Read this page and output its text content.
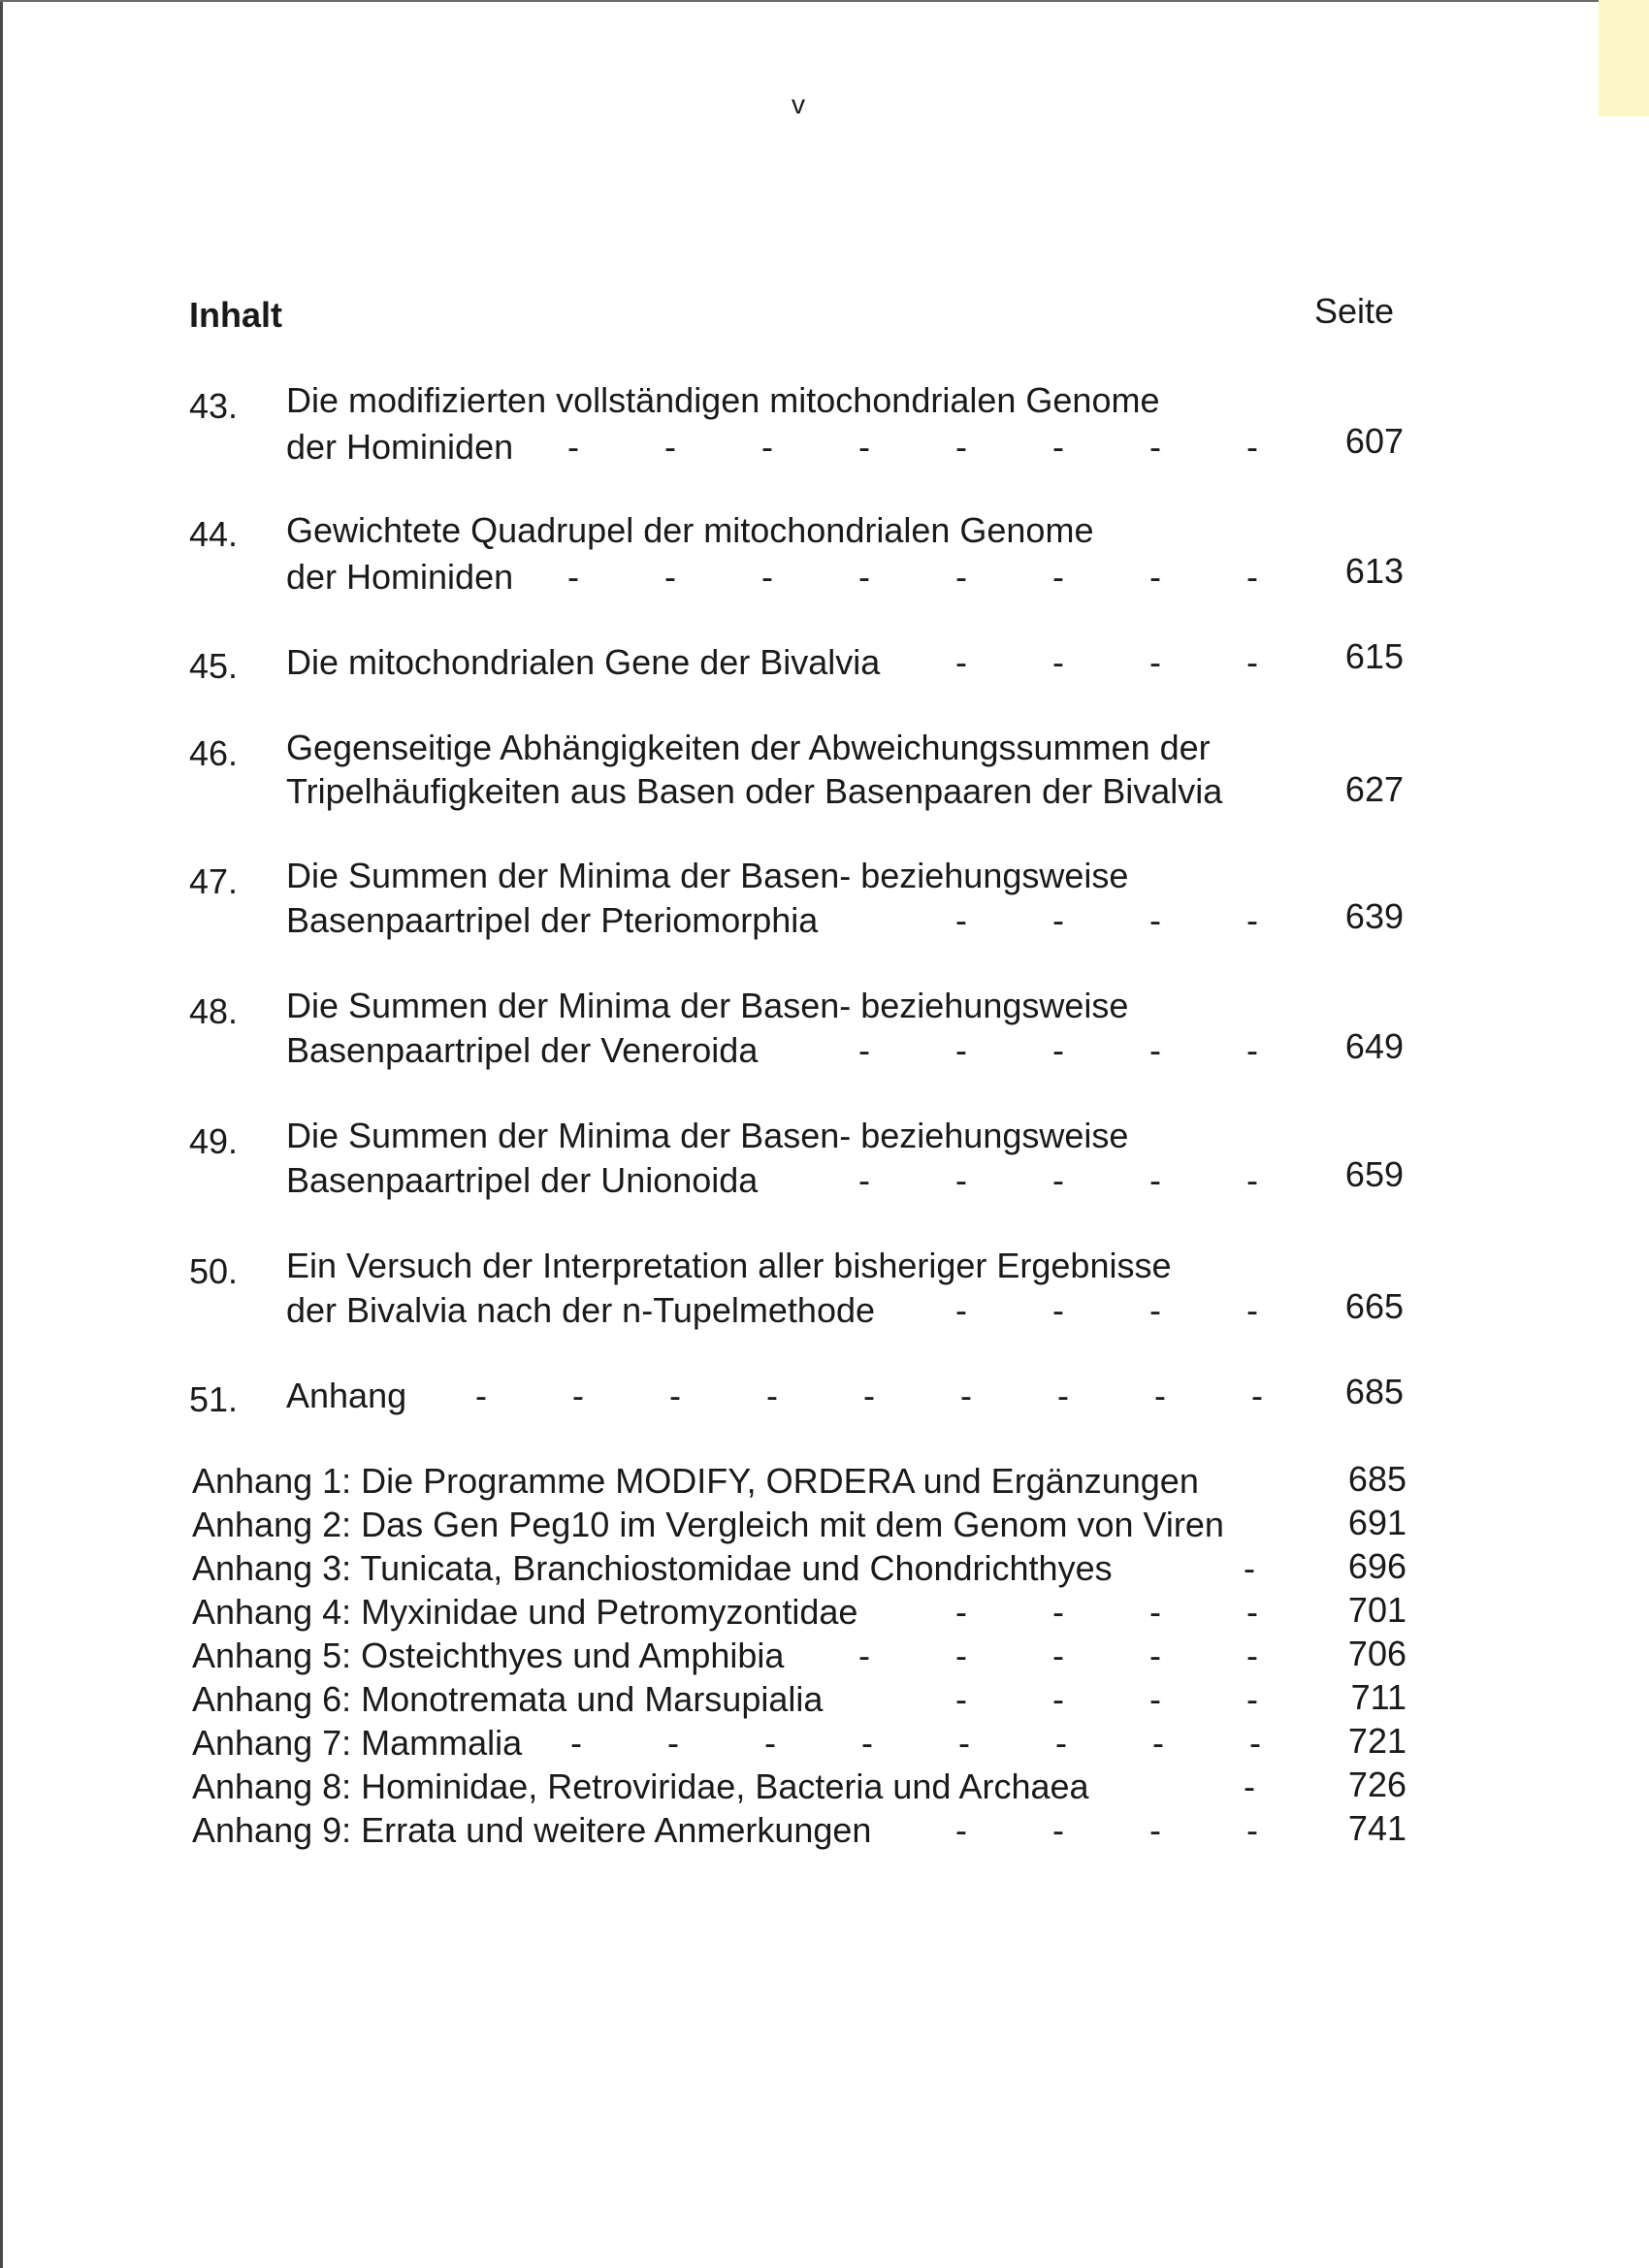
v
Inhalt	Seite
43. Die modifizierten vollständigen mitochondrialen Genome
der Hominiden - - - - - - - -	607
44. Gewichtete Quadrupel der mitochondrialen Genome
der Hominiden - - - - - - - -	613
45. Die mitochondrialen Gene der Bivalvia - - - -	615
46. Gegenseitige Abhängigkeiten der Abweichungssummen der
Tripelhäufigkeiten aus Basen oder Basenpaaren der Bivalvia	627
47. Die Summen der Minima der Basen- beziehungsweise
Basenpaartripel der Pteriomorphia	- - - -	639
48. Die Summen der Minima der Basen- beziehungsweise
Basenpaartripel der Veneroida	- - - - -	649
49. Die Summen der Minima der Basen- beziehungsweise
Basenpaartripel der Unionoida	- - - - -	659
50. Ein Versuch der Interpretation aller bisheriger Ergebnisse
der Bivalvia nach der n-Tupelmethode - - - -	665
51. Anhang - - - - - - - - -	685
Anhang 1: Die Programme MODIFY, ORDERA und Ergänzungen	685
Anhang 2: Das Gen Peg10 im Vergleich mit dem Genom von Viren	691
Anhang 3: Tunicata, Branchiostomidae und Chondrichthyes	-	696
Anhang 4: Myxinidae und Petromyzontidae	- - - -	701
Anhang 5: Osteichthyes und Amphibia - - - - -	706
Anhang 6: Monotremata und Marsupialia	- - - -	711
Anhang 7: Mammalia - - - - - - - -	721
Anhang 8: Hominidae, Retroviridae, Bacteria und Archaea	-	726
Anhang 9: Errata und weitere Anmerkungen - - - -	741
